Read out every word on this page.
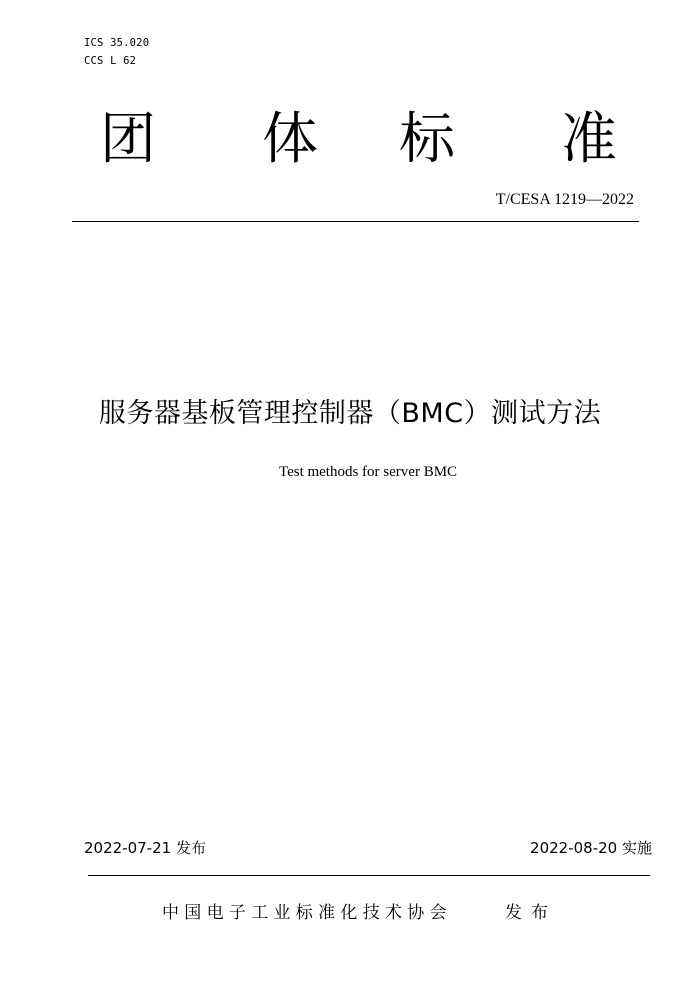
ICS 35.020
CCS L 62
团 体 标 准
T/CESA 1219—2022
服务器基板管理控制器（BMC）测试方法
Test methods for server BMC
2022-07-21 发布	2022-08-20 实施
中国电子工业标准化技术协会	发布
